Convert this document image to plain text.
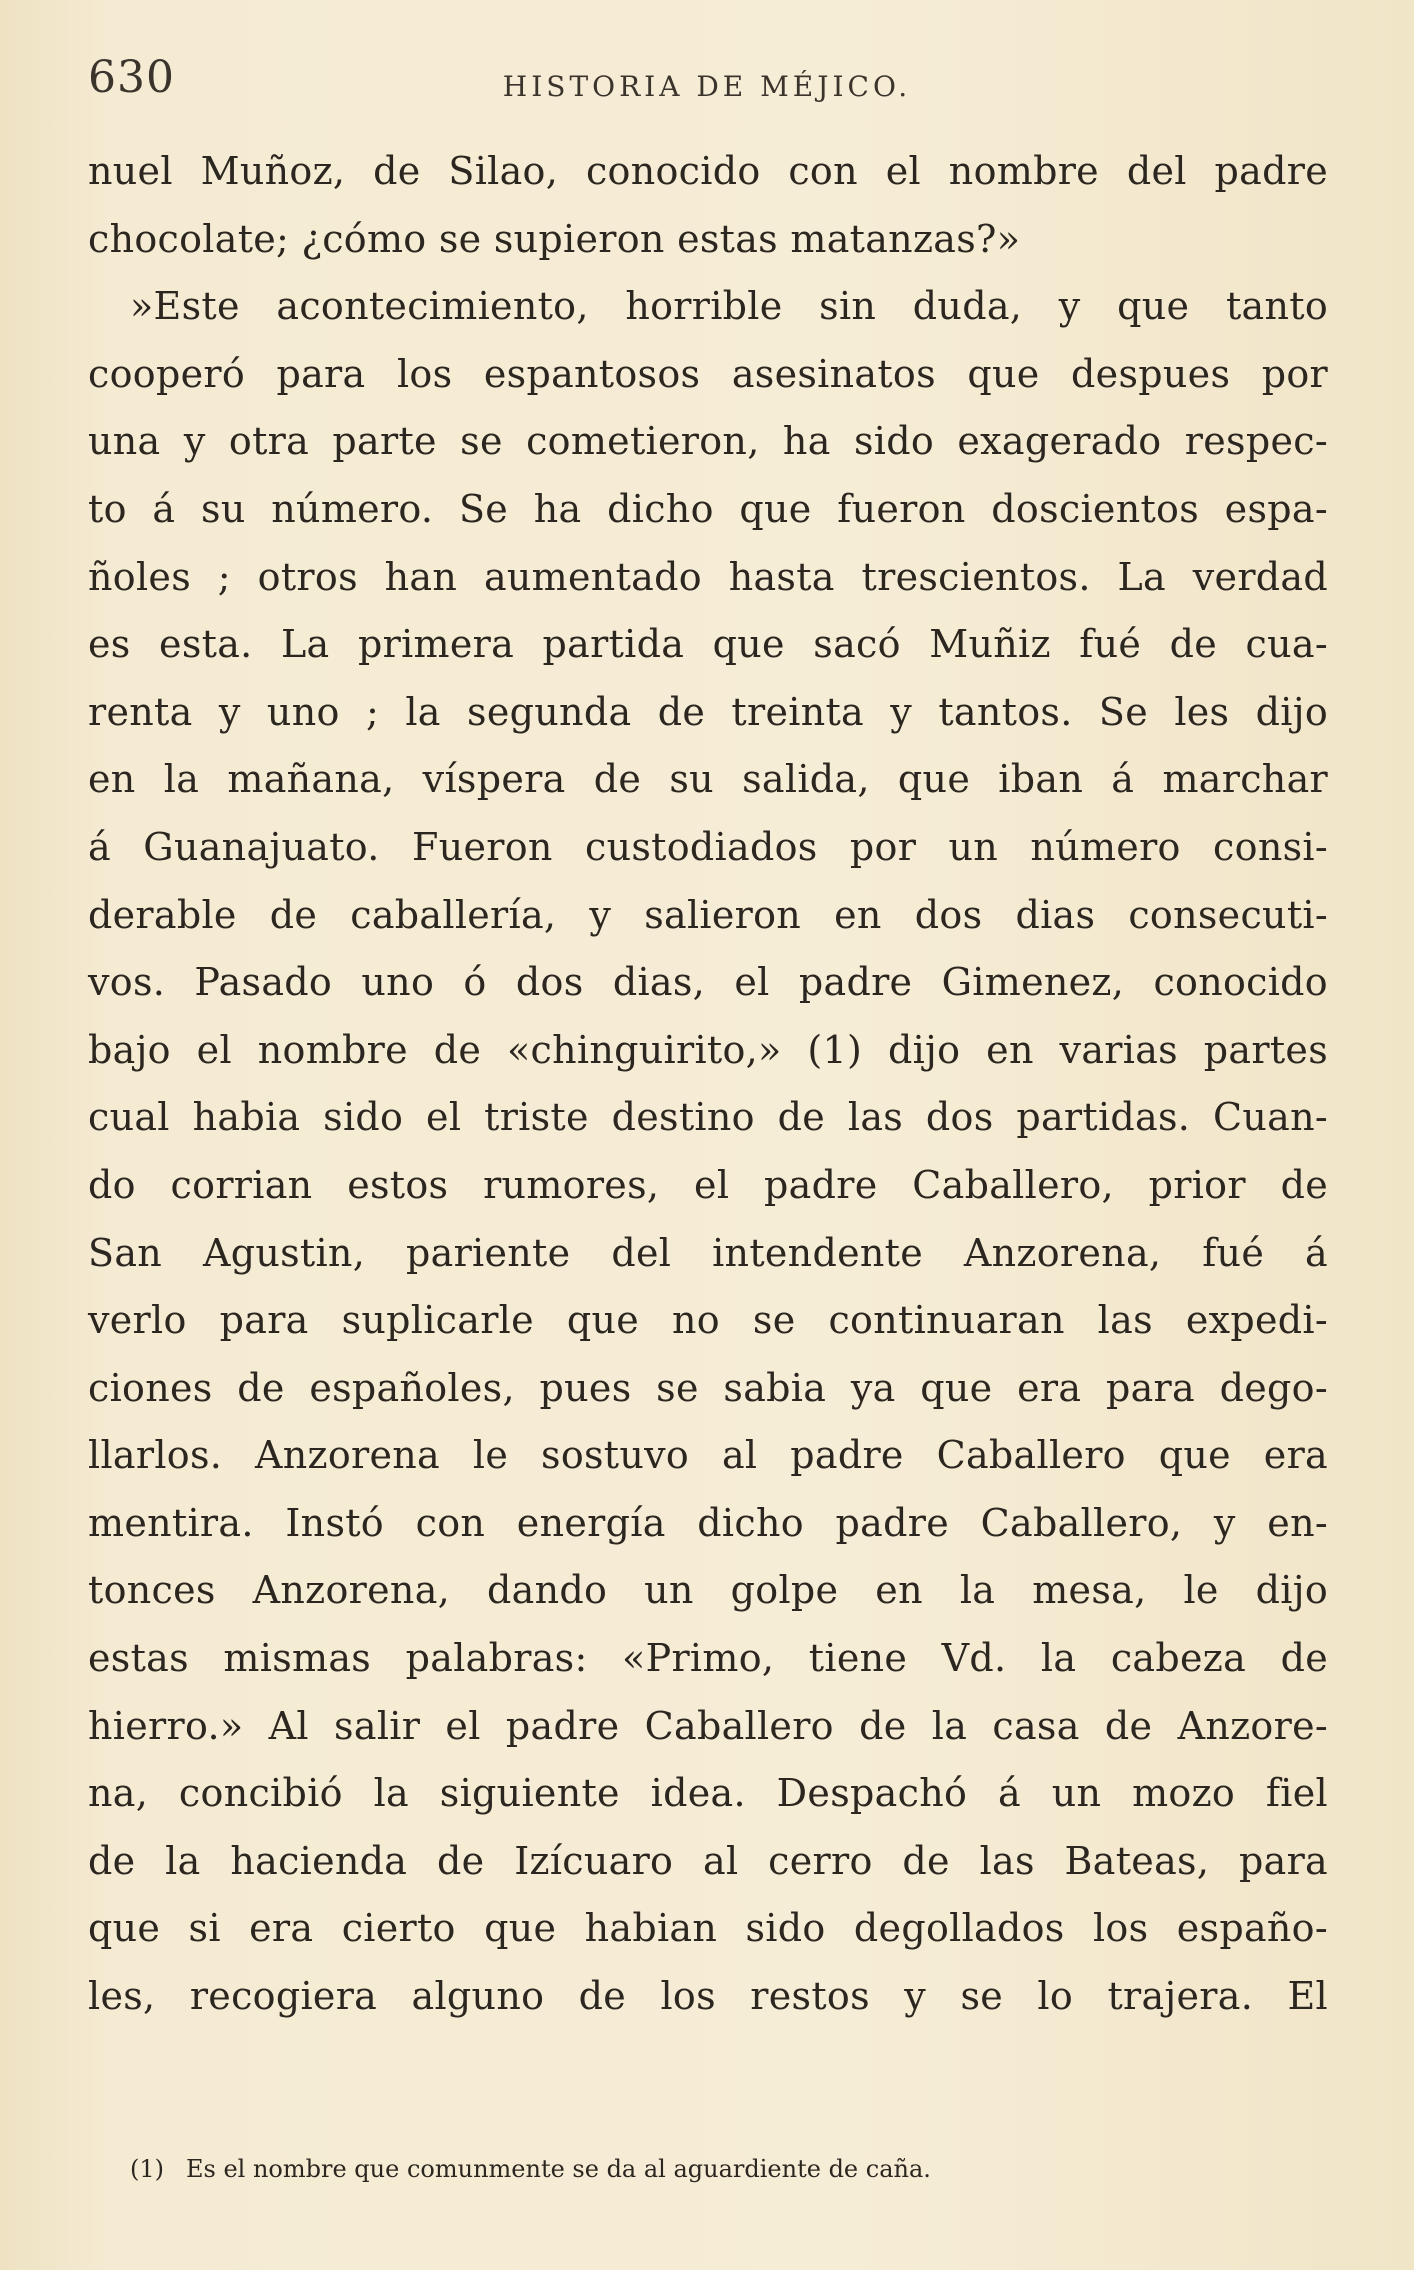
630	HISTORIA DE MÉJICO.
nuel Muñoz, de Silao, conocido con el nombre del padre
chocolate; ¿cómo se supieron estas matanzas?»
»Este acontecimiento, horrible sin duda, y que tanto
cooperó para los espantosos asesinatos que despues por
una y otra parte se cometieron, ha sido exagerado respec-
to á su número. Se ha dicho que fueron doscientos espa-
ñoles ; otros han aumentado hasta trescientos. La verdad
es esta. La primera partida que sacó Muñiz fué de cua-
renta y uno ; la segunda de treinta y tantos. Se les dijo
en la mañana, víspera de su salida, que iban á marchar
á Guanajuato. Fueron custodiados por un número consi-
derable de caballería, y salieron en dos dias consecuti-
vos. Pasado uno ó dos dias, el padre Gimenez, conocido
bajo el nombre de «chinguirito,» (1) dijo en varias partes
cual habia sido el triste destino de las dos partidas. Cuan-
do corrian estos rumores, el padre Caballero, prior de
San Agustin, pariente del intendente Anzorena, fué á
verlo para suplicarle que no se continuaran las expedi-
ciones de españoles, pues se sabia ya que era para dego-
llarlos. Anzorena le sostuvo al padre Caballero que era
mentira. Instó con energía dicho padre Caballero, y en-
tonces Anzorena, dando un golpe en la mesa, le dijo
estas mismas palabras: «Primo, tiene Vd. la cabeza de
hierro.» Al salir el padre Caballero de la casa de Anzore-
na, concibió la siguiente idea. Despachó á un mozo fiel
de la hacienda de Izícuaro al cerro de las Bateas, para
que si era cierto que habian sido degollados los españo-
les, recogiera alguno de los restos y se lo trajera. El
(1) Es el nombre que comunmente se da al aguardiente de caña.
